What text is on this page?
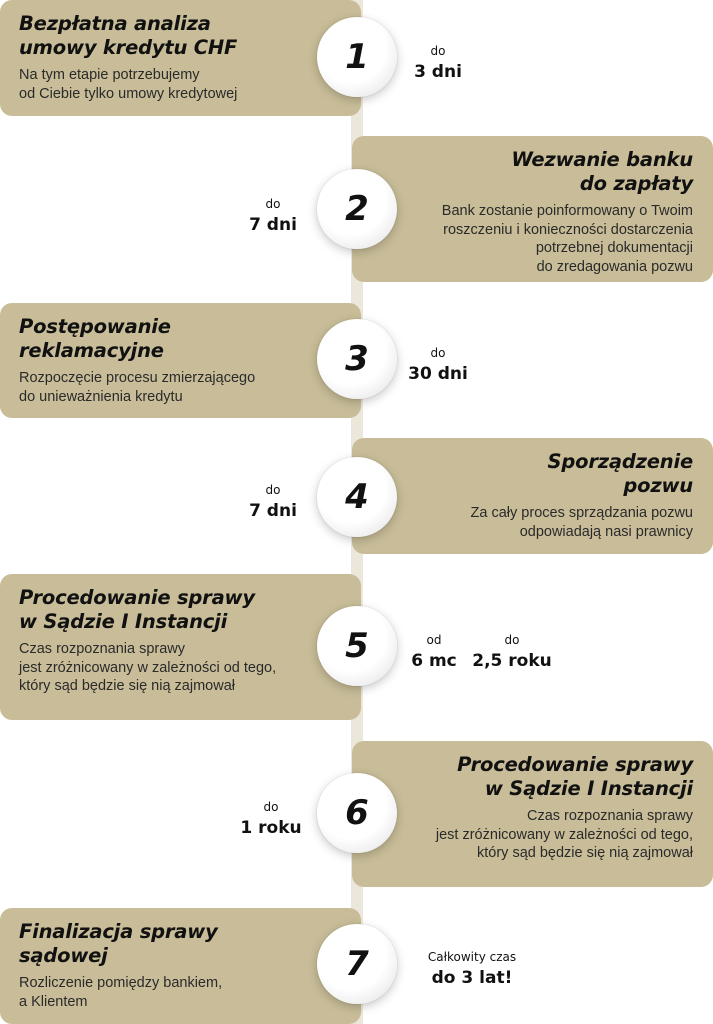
Bezpłatna analiza
umowy kredytu CHF
Na tym etapie potrzebujemy
od Ciebie tylko umowy kredytowej
1	do
3 dni
Wezwanie banku
do zapłaty
Bank zostanie poinformowany o Twoim
roszczeniu i konieczności dostarczenia
potrzebnej dokumentacji
do zredagowania pozwu
2
do
7 dni
Postępowanie
reklamacyjne
Rozpoczęcie procesu zmierzającego
do unieważnienia kredytu
3	do
30 dni
Sporządzenie
pozwu
Za cały proces sprządzania pozwu
odpowiadają nasi prawnicy
4
do
7 dni
Procedowanie sprawy
w Sądzie I Instancji
Czas rozpoznania sprawy
jest zróżnicowany w zależności od tego,
który sąd będzie się nią zajmował
5	od
6 mc
do
2,5 roku
Procedowanie sprawy
w Sądzie I Instancji
Czas rozpoznania sprawy
jest zróżnicowany w zależności od tego,
który sąd będzie się nią zajmował
6
do
1 roku
Finalizacja sprawy
sądowej
Rozliczenie pomiędzy bankiem,
a Klientem
7	Całkowity czas
do 3 lat!
